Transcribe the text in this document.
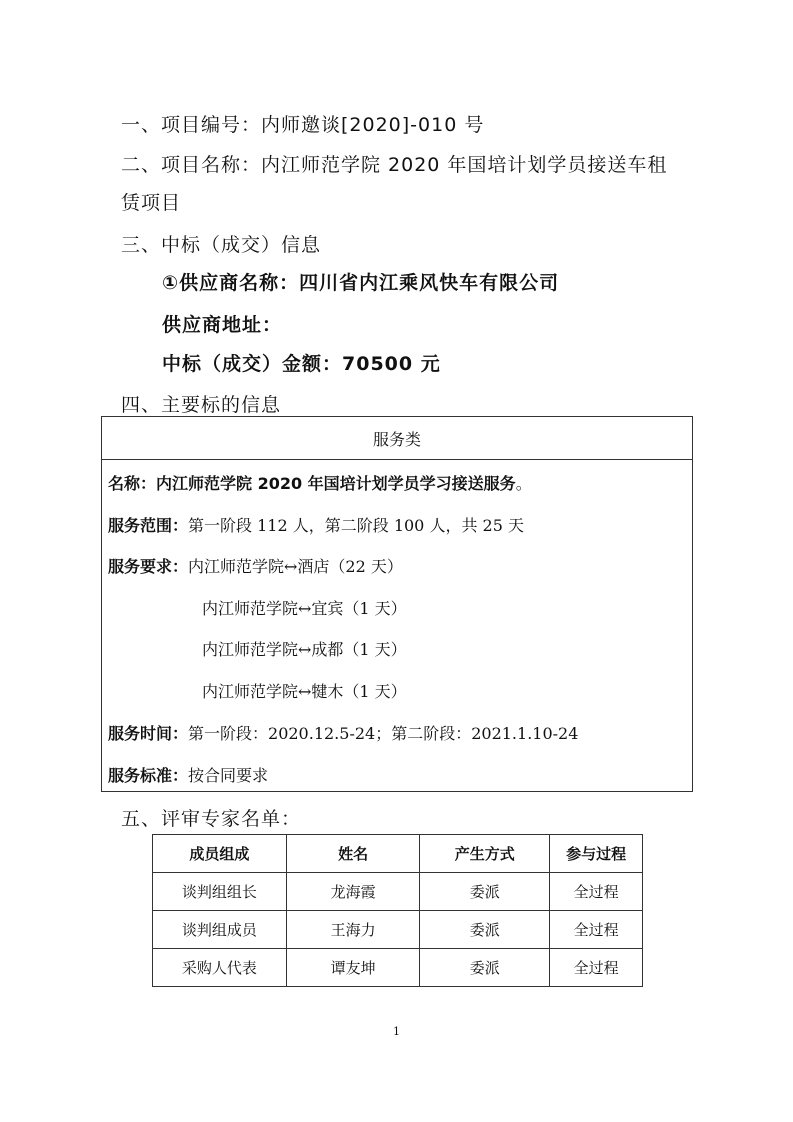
一、项目编号：内师邀谈[2020]-010 号
二、项目名称：内江师范学院 2020 年国培计划学员接送车租
赁项目
三、中标（成交）信息
①供应商名称：四川省内江乘风快车有限公司
供应商地址：
中标（成交）金额：70500 元
四、主要标的信息
服务类
名称：内江师范学院 2020 年国培计划学员学习接送服务。
服务范围：第一阶段 112 人，第二阶段 100 人，共 25 天
服务要求：内江师范学院↔酒店（22 天）
内江师范学院↔宜宾（1 天）
内江师范学院↔成都（1 天）
内江师范学院↔犍木（1 天）
服务时间：第一阶段：2020.12.5-24；第二阶段：2021.1.10-24
服务标准：按合同要求
五、评审专家名单：
成员组成	姓名	产生方式	参与过程
谈判组组长	龙海霞	委派	全过程
谈判组成员	王海力	委派	全过程
采购人代表	谭友坤	委派	全过程
1
